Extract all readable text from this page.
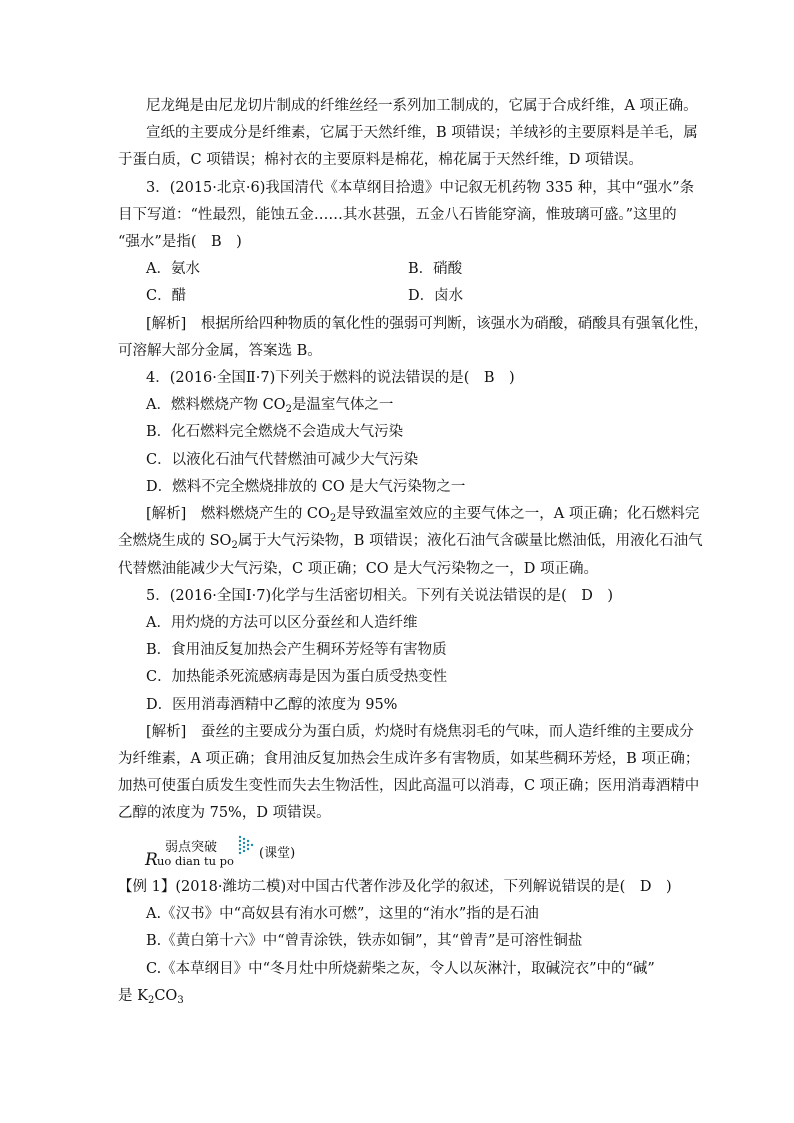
尼龙绳是由尼龙切片制成的纤维丝经一系列加工制成的，它属于合成纤维，A 项正确。
宣纸的主要成分是纤维素，它属于天然纤维，B 项错误；羊绒衫的主要原料是羊毛，属
于蛋白质，C 项错误；棉衬衣的主要原料是棉花，棉花属于天然纤维，D 项错误。
3．(2015·北京·6)我国清代《本草纲目拾遗》中记叙无机药物 335 种，其中“强水”条
目下写道：“性最烈，能蚀五金……其水甚强，五金八石皆能穿滴，惟玻璃可盛。”这里的
“强水”是指(　B　)
A．氨水	B．硝酸
C．醋	D．卤水
[解析]　根据所给四种物质的氧化性的强弱可判断，该强水为硝酸，硝酸具有强氧化性，
可溶解大部分金属，答案选 B。
4．(2016·全国Ⅱ·7)下列关于燃料的说法错误的是(　B　)
A．燃料燃烧产物 $CO_2$是温室气体之一
B．化石燃料完全燃烧不会造成大气污染
C．以液化石油气代替燃油可减少大气污染
D．燃料不完全燃烧排放的 CO 是大气污染物之一
[解析]　燃料燃烧产生的 $CO_2$是导致温室效应的主要气体之一，A 项正确；化石燃料完
全燃烧生成的 $SO_2$属于大气污染物，B 项错误；液化石油气含碳量比燃油低，用液化石油气
代替燃油能减少大气污染，C 项正确；CO 是大气污染物之一，D 项正确。
5．(2016·全国Ⅰ·7)化学与生活密切相关。下列有关说法错误的是(　D　)
A．用灼烧的方法可以区分蚕丝和人造纤维
B．食用油反复加热会产生稠环芳烃等有害物质
C．加热能杀死流感病毒是因为蛋白质受热变性
D．医用消毒酒精中乙醇的浓度为 95%
[解析]　蚕丝的主要成分为蛋白质，灼烧时有烧焦羽毛的气味，而人造纤维的主要成分
为纤维素，A 项正确；食用油反复加热会生成许多有害物质，如某些稠环芳烃，B 项正确；
加热可使蛋白质发生变性而失去生物活性，因此高温可以消毒，C 项正确；医用消毒酒精中
乙醇的浓度为 75%，D 项错误。
R
弱点突破
uo dian tu po (课堂)
【例 1】(2018·潍坊二模)对中国古代著作涉及化学的叙述，下列解说错误的是(　D　)
A.《汉书》中“高奴县有洧水可燃”，这里的“洧水”指的是石油
B.《黄白第十六》中“曾青涂铁，铁赤如铜”，其“曾青”是可溶性铜盐
C.《本草纲目》中“冬月灶中所烧薪柴之灰，令人以灰淋汁，取碱浣衣”中的“碱”
是 $K_2CO_3$
